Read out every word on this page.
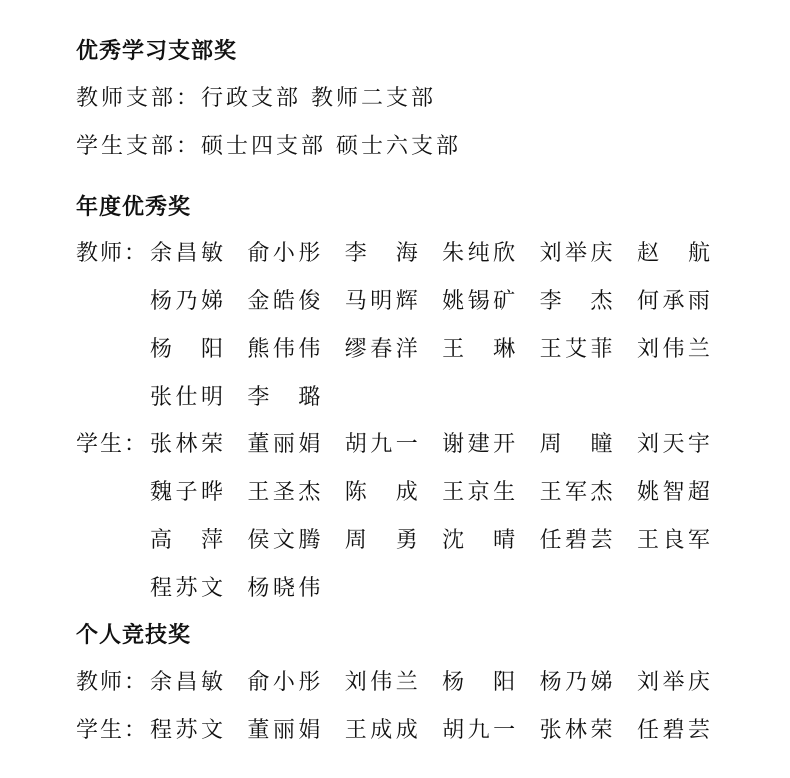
优秀学习支部奖
教师支部：行政支部 教师二支部
学生支部：硕士四支部 硕士六支部
年度优秀奖
教师： 余 昌 敏 俞 小 彤 李 海 朱 纯 欣 刘 举 庆 赵 航
杨 乃 娣 金 皓 俊 马 明 辉 姚 锡 矿 李 杰 何 承 雨
杨 阳 熊 伟 伟 缪 春 洋 王 琳 王 艾 菲 刘 伟 兰
张 仕 明 李 璐
学生： 张 林 荣 董 丽 娟 胡 九 一 谢 建 开 周 瞳 刘 天 宇
魏 子 晔 王 圣 杰 陈 成 王 京 生 王 军 杰 姚 智 超
高 萍 侯 文 腾 周 勇 沈 晴 任 碧 芸 王 良 军
程 苏 文 杨 晓 伟
个人竞技奖
教师： 余 昌 敏 俞 小 彤 刘 伟 兰 杨 阳 杨 乃 娣 刘 举 庆
学生： 程 苏 文 董 丽 娟 王 成 成 胡 九 一 张 林 荣 任 碧 芸
